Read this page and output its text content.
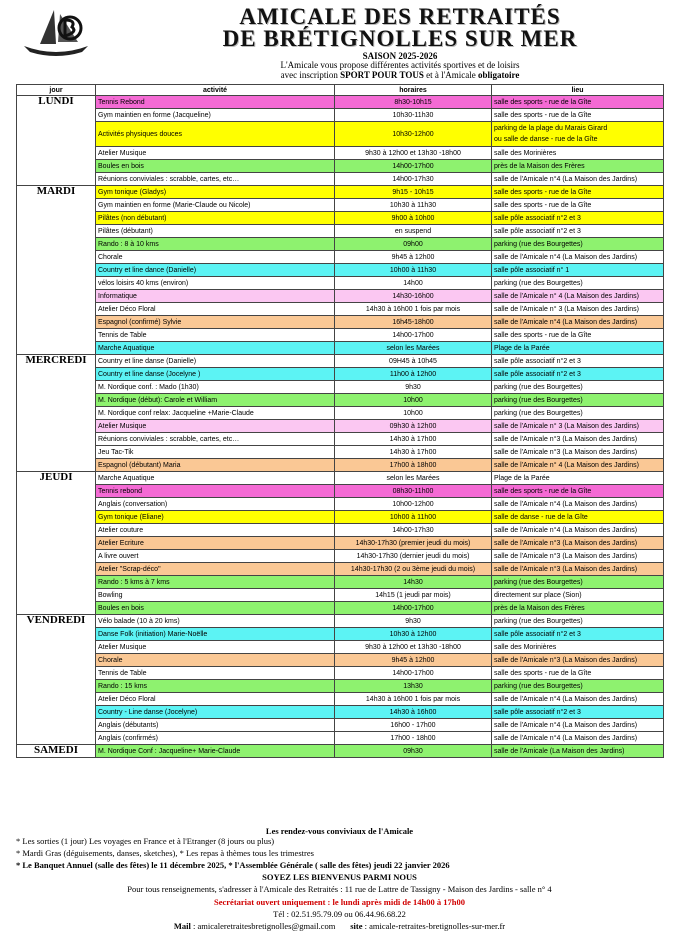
AMICALE DES RETRAITÉS
DE BRÉTIGNOLLES SUR MER
SAISON 2025-2026
L'Amicale vous propose différentes activités sportives et de loisirs
avec inscription SPORT POUR TOUS et à l'Amicale obligatoire
jour	activité	horaires	lieu
LUNDI	Tennis Rebond	8h30-10h15	salle des sports - rue de la Gîte
	Gym maintien en forme (Jacqueline)	10h30-11h30	salle des sports - rue de la Gîte
	Activités physiques douces	10h30-12h00	parking de la plage du Marais Girard
ou salle de danse - rue de la Gîte

	Atelier Musique	9h30 à 12h00 et 13h30 -18h00	salle des Morinières
	Boules en bois	14h00-17h00	près de la Maison des Frères
	Réunions conviviales : scrabble, cartes, etc…	14h00-17h30	salle de l'Amicale n°4 (La Maison des Jardins)
MARDI	Gym tonique (Gladys)	9h15 - 10h15	salle des sports - rue de la Gîte
	Gym maintien en forme (Marie-Claude ou Nicole)	10h30 à 11h30	salle des sports - rue de la Gîte
	Pilâtes (non débutant)	9h00 à 10h00	salle pôle associatif n°2 et 3
	Pilâtes (débutant)	en suspend	salle pôle associatif n°2 et 3
	Rando : 8 à 10 kms	09h00	parking (rue des Bourgettes)
	Chorale	9h45 à 12h00	salle de l'Amicale n°4 (La Maison des Jardins)
	Country et line dance (Danielle)	10h00 à 11h30	salle pôle associatif n° 1
	vélos loisirs 40 kms (environ)	14h00	parking (rue des Bourgettes)
	Informatique	14h30-16h00	salle de l'Amicale n° 4 (La Maison des Jardins)
	Atelier Déco Floral	14h30 à 16h00 1 fois par mois	salle de l'Amicale n° 3 (La Maison des Jardins)
	Espagnol (confirmé) Sylvie	16h45-18h00	salle de l'Amicale n°4 (La Maison des Jardins)
	Tennis de Table	14h00-17h00	salle des sports - rue de la Gîte
	Marche Aquatique	selon les Marées	Plage de la Parée
MERCREDI	Country et line danse (Danielle)	09H45 à 10h45	salle pôle associatif n°2 et 3
	Country et line danse (Jocelyne )	11h00 à 12h00	salle pôle associatif n°2 et 3
	M. Nordique conf. : Mado (1h30)	9h30	parking (rue des Bourgettes)
	M. Nordique (début): Carole et William	10h00	parking (rue des Bourgettes)
	M. Nordique conf relax: Jacqueline +Marie-Claude	10h00	parking (rue des Bourgettes)
	Atelier Musique	09h30 à 12h00	salle de l'Amicale n° 3 (La Maison des Jardins)
	Réunions conviviales : scrabble, cartes, etc…	14h30 à 17h00	salle de l'Amicale n°3 (La Maison des Jardins)
	Jeu Tac-Tik	14h30 à 17h00	salle de l'Amicale n°3 (La Maison des Jardins)
	Espagnol (débutant) Maria	17h00 à 18h00	salle de l'Amicale n° 4 (La Maison des Jardins)
JEUDI	Marche Aquatique	selon les Marées	Plage de la Parée
	Tennis rebond	08h30-11h00	salle des sports - rue de la Gîte
	Anglais (conversation)	10h00-12h00	salle de l'Amicale n°4 (La Maison des Jardins)
	Gym tonique (Eliane)	10h00 à 11h00	salle de danse - rue de la Gîte
	Atelier couture	14h00-17h30	salle de l'Amicale n°4 (La Maison des Jardins)
	Atelier Ecriture	14h30-17h30 (premier jeudi du mois)	salle de l'Amicale n°3 (La Maison des Jardins)
	A livre ouvert	14h30-17h30 (dernier jeudi du mois)	salle de l'Amicale n°3 (La Maison des Jardins)
	Atelier "Scrap-déco"	14h30-17h30 (2 ou 3ème jeudi du mois)	salle de l'Amicale n°3 (La Maison des Jardins)
	Rando : 5 kms à 7 kms	14h30	parking (rue des Bourgettes)
	Bowling	14h15 (1 jeudi par mois)	directement sur place (Sion)
	Boules en bois	14h00-17h00	près de la Maison des Frères
VENDREDI	Vélo balade (10 à 20 kms)	9h30	parking (rue des Bourgettes)
	Danse Folk (initiation) Marie-Noëlle	10h30 à 12h00	salle pôle associatif n°2 et 3
	Atelier Musique	9h30 à 12h00 et 13h30 -18h00	salle des Morinières
	Chorale	9h45 à 12h00	salle de l'Amicale n°3 (La Maison des Jardins)
	Tennis de Table	14h00-17h00	salle des sports - rue de la Gîte
	Rando : 15 kms	13h30	parking (rue des Bourgettes)
	Atelier Déco Floral	14h30 à 16h00 1 fois par mois	salle de l'Amicale n°4 (La Maison des Jardins)
	Country - Line danse (Jocelyne)	14h30 à 16h00	salle pôle associatif n°2 et 3
	Anglais (débutants)	16h00 - 17h00	salle de l'Amicale n°4 (La Maison des Jardins)
	Anglais (confirmés)	17h00 - 18h00	salle de l'Amicale n°4 (La Maison des Jardins)
SAMEDI	M. Nordique Conf : Jacqueline+ Marie-Claude	09h30	salle de l'Amicale (La Maison des Jardins)
Les rendez-vous conviviaux de l'Amicale
* Les sorties (1 jour) Les voyages en France et à l'Etranger (8 jours ou plus)
* Mardi Gras (déguisements, danses, sketches), * Les repas à thèmes tous les trimestres
* Le Banquet Annuel (salle des fêtes) le 11 décembre 2025, * l'Assemblée Générale ( salle des fêtes) jeudi 22 janvier 2026
SOYEZ LES BIENVENUS PARMI NOUS
Pour tous renseignements, s'adresser à l'Amicale des Retraités : 11 rue de Lattre de Tassigny - Maison des Jardins - salle n° 4
Secrétariat ouvert uniquement : le lundi après midi de 14h00 à 17h00
Tél : 02.51.95.79.09 ou 06.44.96.68.22
Mail : amicaleretraitesbretignolles@gmail.com site : amicale-retraites-bretignolles-sur-mer.fr
